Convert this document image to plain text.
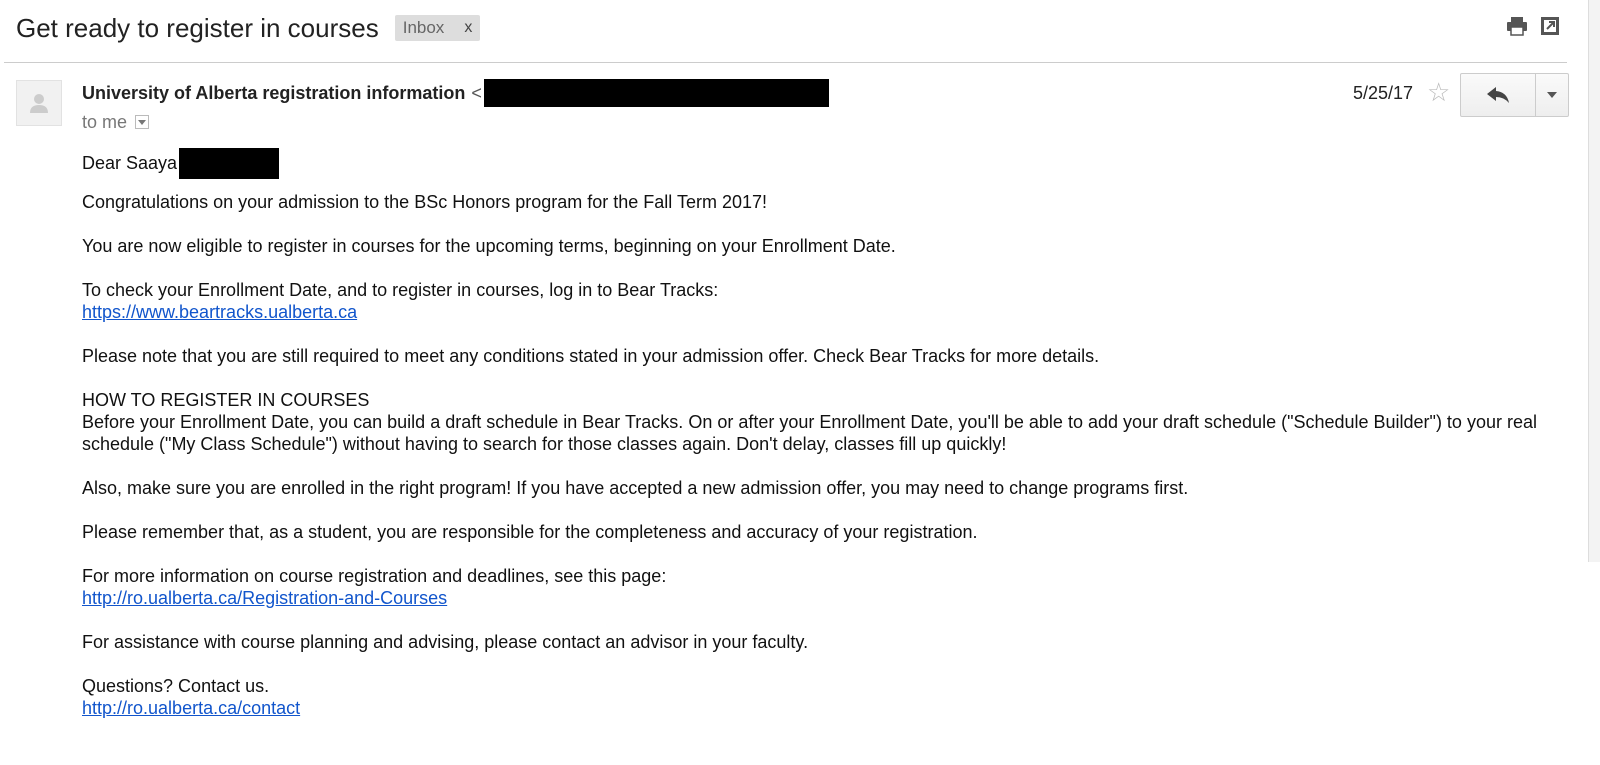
Get ready to register in courses Inbox x
University of Alberta registration information <
to me
5/25/17 ☆
Dear Saaya

Congratulations on your admission to the BSc Honors program for the Fall Term 2017!

You are now eligible to register in courses for the upcoming terms, beginning on your Enrollment Date.

To check your Enrollment Date, and to register in courses, log in to Bear Tracks:
https://www.beartracks.ualberta.ca

Please note that you are still required to meet any conditions stated in your admission offer. Check Bear Tracks for more details.

HOW TO REGISTER IN COURSES
Before your Enrollment Date, you can build a draft schedule in Bear Tracks. On or after your Enrollment Date, you'll be able to add your draft schedule ("Schedule Builder") to your real schedule ("My Class Schedule") without having to search for those classes again. Don't delay, classes fill up quickly!

Also, make sure you are enrolled in the right program! If you have accepted a new admission offer, you may need to change programs first.

Please remember that, as a student, you are responsible for the completeness and accuracy of your registration.

For more information on course registration and deadlines, see this page:
http://ro.ualberta.ca/Registration-and-Courses

For assistance with course planning and advising, please contact an advisor in your faculty.

Questions? Contact us.
http://ro.ualberta.ca/contact
